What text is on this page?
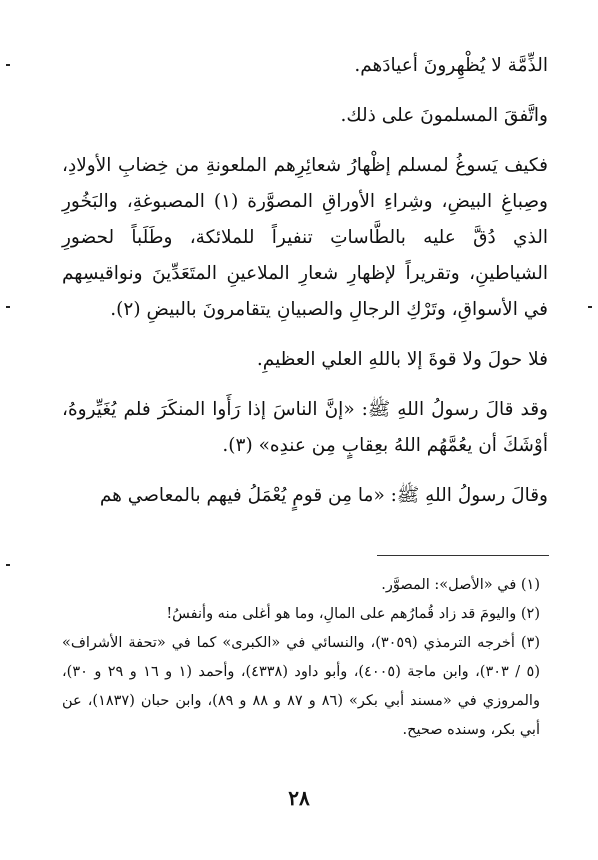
الذِّمَّة لا يُظْهِرونَ أعيادَهم.

واتَّفقَ المسلمونَ على ذلك.

فكيف يَسوغُ لمسلم إظْهارُ شعائِرِهم الملعونةِ من خِضابِ الأولادِ، وصِباغِ البيضِ، وشِراءِ الأوراقِ المصوَّرة (١) المصبوغةِ، والبَخُورِ الذي دُقَّ عليه بالطَّاساتِ تنفيراً للملائكة، وطَلَباً لحضورِ الشياطينِ، وتقريراً لإظهارِ شعارِ الملاعينِ المتَعَدِّينَ ونواقيسِهم في الأسواقِ، وتَرْكِ الرجالِ والصبيانِ يتقامرونَ بالبيضِ (٢).

فلا حولَ ولا قوةَ إلا باللهِ العلي العظيمِ.

وقد قالَ رسولُ اللهِ ﷺ: «إنَّ الناسَ إذا رَأَوا المنكَرَ فلم يُغَيِّروهُ، أوْشَكَ أن يعُمَّهُم اللهُ بعِقابٍ مِن عندِه» (٣).

وقالَ رسولُ اللهِ ﷺ: «ما مِن قومٍ يُعْمَلُ فيهم بالمعاصي هم

(١) في «الأصل»: المصوَّر.

(٢) واليومَ قد زاد قُمارُهم على المالِ، وما هو أغلى منه وأنفسُ!

(٣) أخرجه الترمذي (٣٠٥٩)، والنسائي في «الكبرى» كما في «تحفة الأشراف» (٥ / ٣٠٣)، وابن ماجة (٤٠٠٥)، وأبو داود (٤٣٣٨)، وأحمد (١ و ١٦ و ٢٩ و ٣٠)، والمروزي في «مسند أبي بكر» (٨٦ و ٨٧ و ٨٨ و ٨٩)، وابن حبان (١٨٣٧)، عن أبي بكر، وسنده صحيح.

٢٨
